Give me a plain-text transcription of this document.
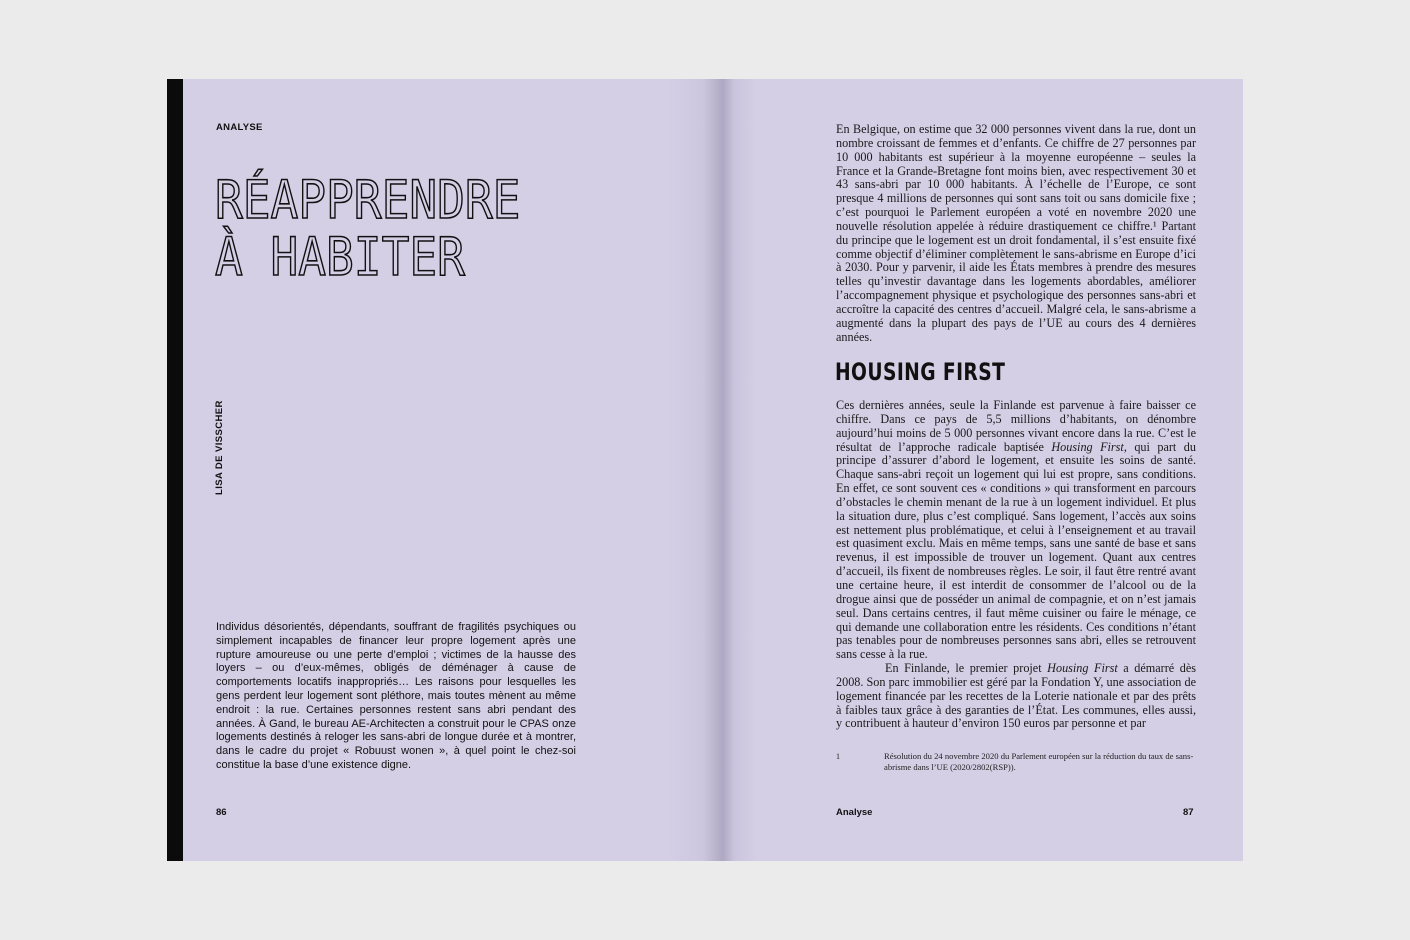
ANALYSE
RÉAPPRENDRE
À HABITER
LISA DE VISSCHER

Individus désorientés, dépendants, souffrant de fragilités psychiques ou simplement incapables de financer leur propre logement après une rupture amoureuse ou une perte d’emploi ; victimes de la hausse des loyers – ou d’eux-mêmes, obligés de déménager à cause de comportements locatifs inappropriés… Les raisons pour lesquelles les gens perdent leur logement sont pléthore, mais toutes mènent au même endroit : la rue. Certaines personnes restent sans abri pendant des années. À Gand, le bureau AE-Architecten a construit pour le CPAS onze logements destinés à reloger les sans-abri de longue durée et à montrer, dans le cadre du projet « Robuust wonen », à quel point le chez-soi constitue la base d’une existence digne.

86

En Belgique, on estime que 32 000 personnes vivent dans la rue, dont un nombre croissant de femmes et d’enfants. Ce chiffre de 27 personnes par 10 000 habitants est supérieur à la moyenne européenne – seules la France et la Grande-Bretagne font moins bien, avec respectivement 30 et 43 sans-abri par 10 000 habitants. À l’échelle de l’Europe, ce sont presque 4 millions de personnes qui sont sans toit ou sans domicile fixe ; c’est pourquoi le Parlement européen a voté en novembre 2020 une nouvelle résolution appelée à réduire drastiquement ce chiffre.¹ Partant du principe que le logement est un droit fondamental, il s’est ensuite fixé comme objectif d’éliminer complètement le sans-abrisme en Europe d’ici à 2030. Pour y parvenir, il aide les États membres à prendre des mesures telles qu’investir davantage dans les logements abordables, améliorer l’accompagnement physique et psychologique des personnes sans-abri et accroître la capacité des centres d’accueil. Malgré cela, le sans-abrisme a augmenté dans la plupart des pays de l’UE au cours des 4 dernières années.

HOUSING FIRST

Ces dernières années, seule la Finlande est parvenue à faire baisser ce chiffre. Dans ce pays de 5,5 millions d’habitants, on dénombre aujourd’hui moins de 5 000 personnes vivant encore dans la rue. C’est le résultat de l’approche radicale baptisée Housing First, qui part du principe d’assurer d’abord le logement, et ensuite les soins de santé. Chaque sans-abri reçoit un logement qui lui est propre, sans conditions. En effet, ce sont souvent ces « conditions » qui transforment en parcours d’obstacles le chemin menant de la rue à un logement individuel. Et plus la situation dure, plus c’est compliqué. Sans logement, l’accès aux soins est nettement plus problématique, et celui à l’enseignement et au travail est quasiment exclu. Mais en même temps, sans une santé de base et sans revenus, il est impossible de trouver un logement. Quant aux centres d’accueil, ils fixent de nombreuses règles. Le soir, il faut être rentré avant une certaine heure, il est interdit de consommer de l’alcool ou de la drogue ainsi que de posséder un animal de compagnie, et on n’est jamais seul. Dans certains centres, il faut même cuisiner ou faire le ménage, ce qui demande une collaboration entre les résidents. Ces conditions n’étant pas tenables pour de nombreuses personnes sans abri, elles se retrouvent sans cesse à la rue.

En Finlande, le premier projet Housing First a démarré dès 2008. Son parc immobilier est géré par la Fondation Y, une association de logement financée par les recettes de la Loterie nationale et par des prêts à faibles taux grâce à des garanties de l’État. Les communes, elles aussi, y contribuent à hauteur d’environ 150 euros par personne et par

1	Résolution du 24 novembre 2020 du Parlement européen sur la réduction du taux de sans-abrisme dans l’UE (2020/2802(RSP)).
Analyse	87
